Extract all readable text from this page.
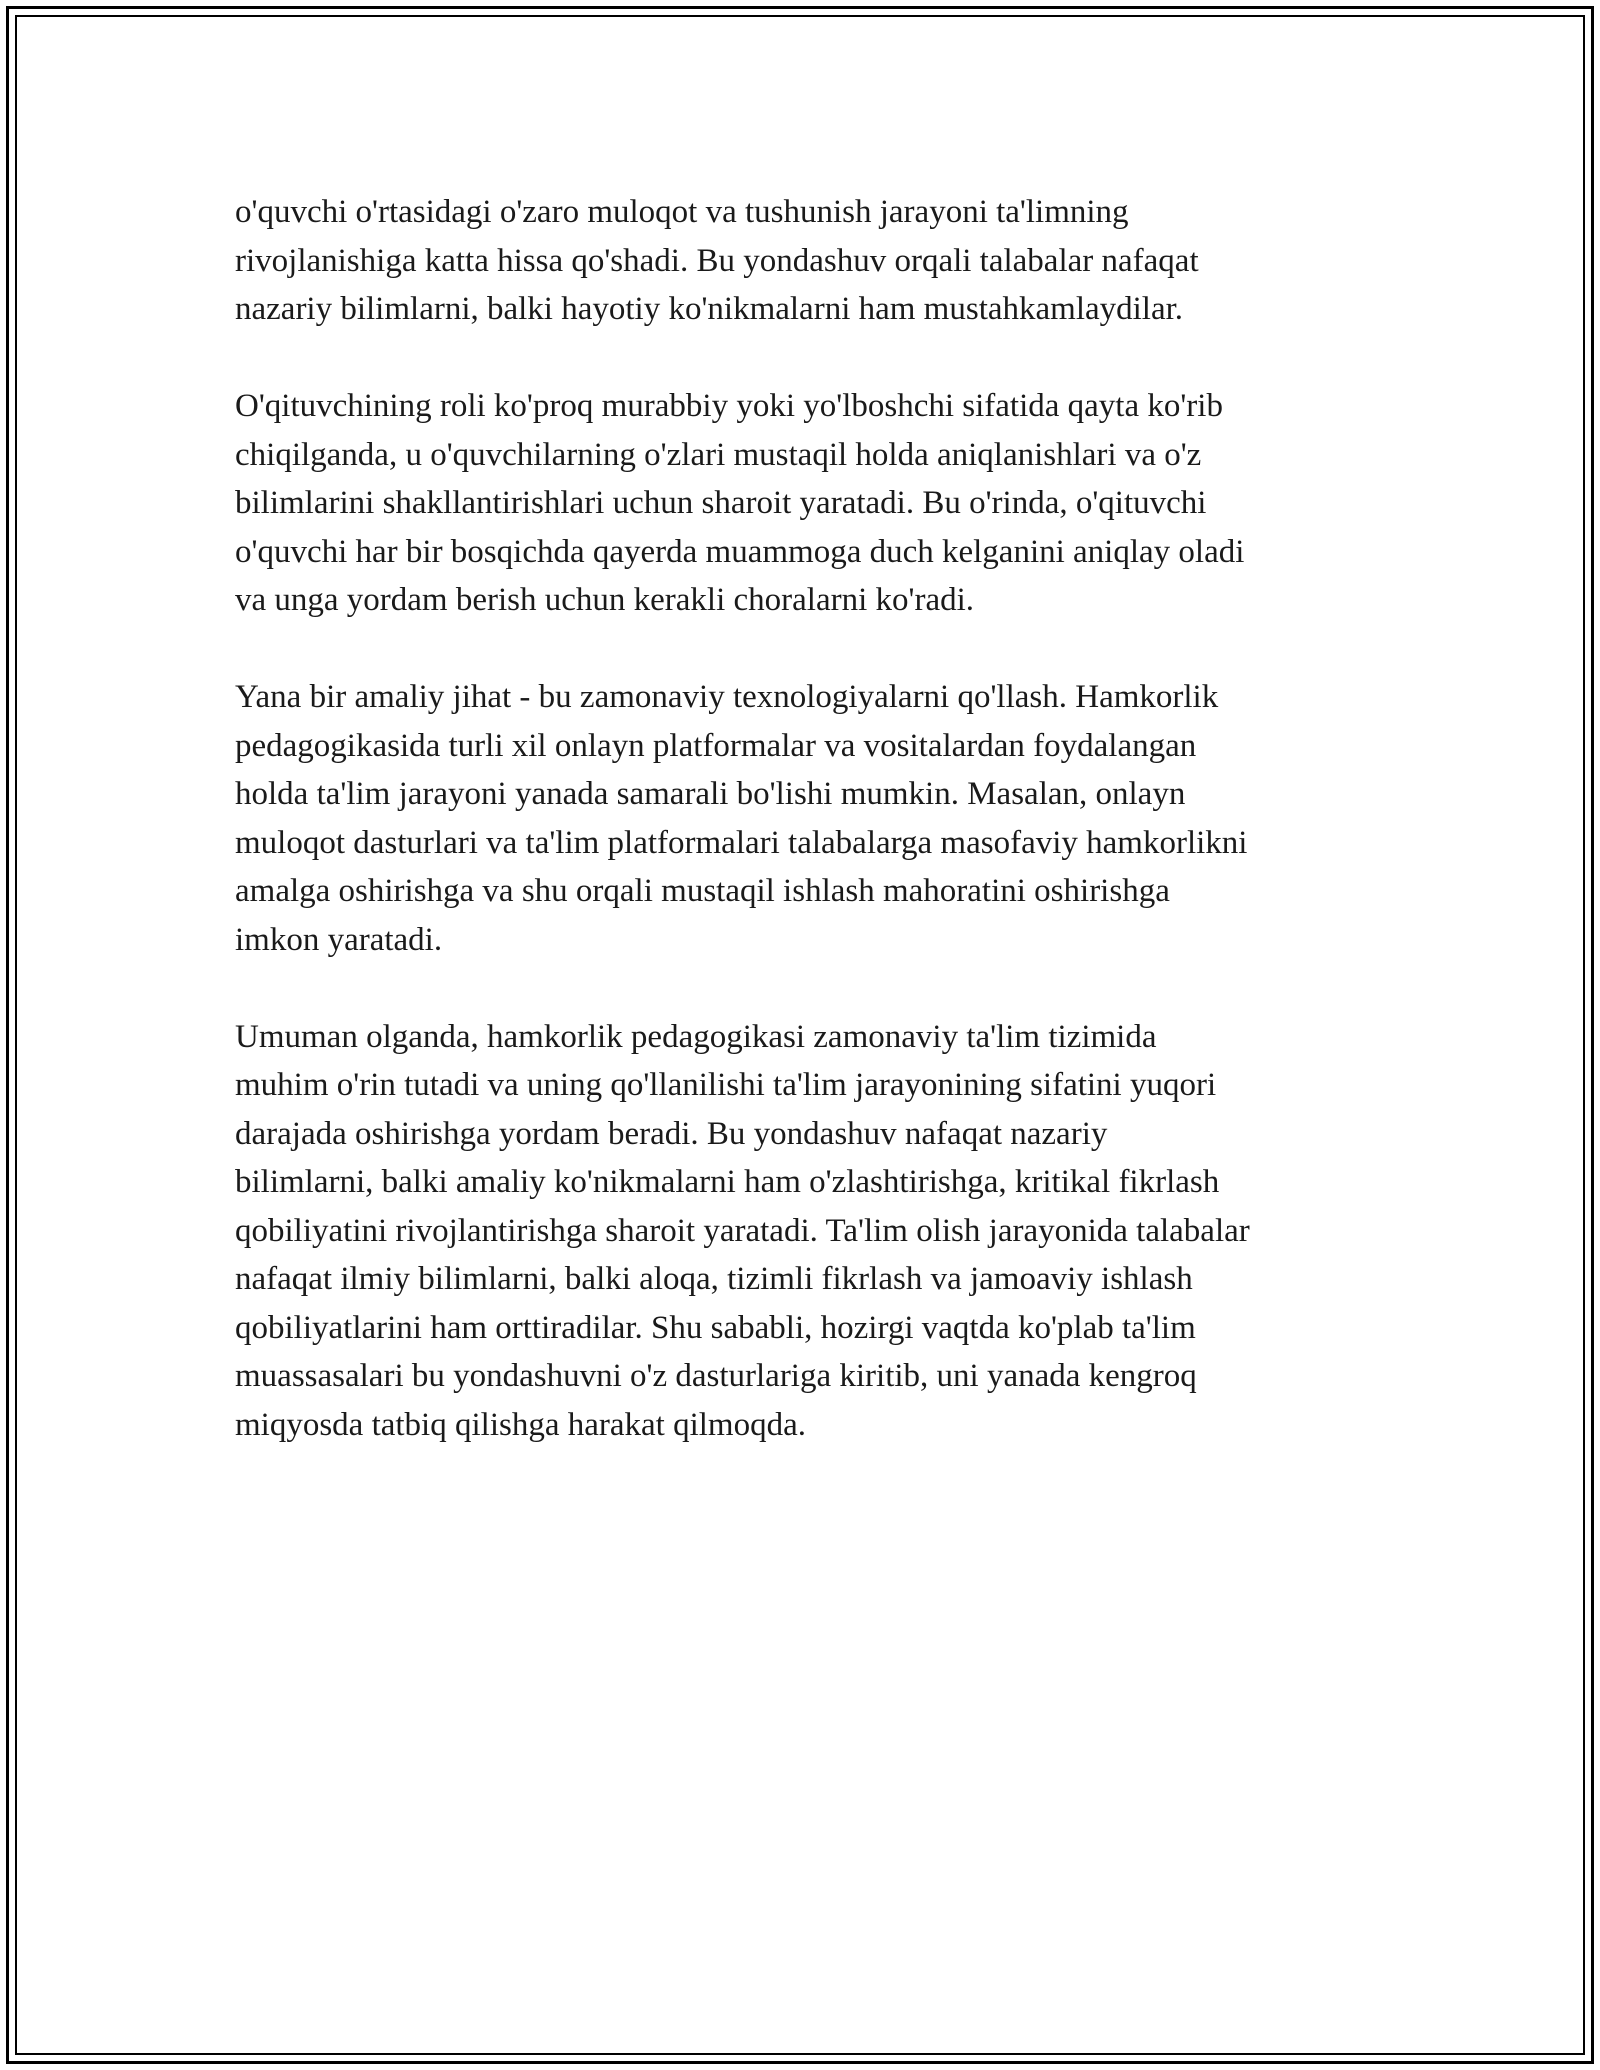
o'quvchi o'rtasidagi o'zaro muloqot va tushunish jarayoni ta'limning
rivojlanishiga katta hissa qo'shadi. Bu yondashuv orqali talabalar nafaqat
nazariy bilimlarni, balki hayotiy ko'nikmalarni ham mustahkamlaydilar.

O'qituvchining roli ko'proq murabbiy yoki yo'lboshchi sifatida qayta ko'rib
chiqilganda, u o'quvchilarning o'zlari mustaqil holda aniqlanishlari va o'z
bilimlarini shakllantirishlari uchun sharoit yaratadi. Bu o'rinda, o'qituvchi
o'quvchi har bir bosqichda qayerda muammoga duch kelganini aniqlay oladi
va unga yordam berish uchun kerakli choralarni ko'radi.

Yana bir amaliy jihat - bu zamonaviy texnologiyalarni qo'llash. Hamkorlik
pedagogikasida turli xil onlayn platformalar va vositalardan foydalangan
holda ta'lim jarayoni yanada samarali bo'lishi mumkin. Masalan, onlayn
muloqot dasturlari va ta'lim platformalari talabalarga masofaviy hamkorlikni
amalga oshirishga va shu orqali mustaqil ishlash mahoratini oshirishga
imkon yaratadi.

Umuman olganda, hamkorlik pedagogikasi zamonaviy ta'lim tizimida
muhim o'rin tutadi va uning qo'llanilishi ta'lim jarayonining sifatini yuqori
darajada oshirishga yordam beradi. Bu yondashuv nafaqat nazariy
bilimlarni, balki amaliy ko'nikmalarni ham o'zlashtirishga, kritikal fikrlash
qobiliyatini rivojlantirishga sharoit yaratadi. Ta'lim olish jarayonida talabalar
nafaqat ilmiy bilimlarni, balki aloqa, tizimli fikrlash va jamoaviy ishlash
qobiliyatlarini ham orttiradilar. Shu sababli, hozirgi vaqtda ko'plab ta'lim
muassasalari bu yondashuvni o'z dasturlariga kiritib, uni yanada kengroq
miqyosda tatbiq qilishga harakat qilmoqda.
